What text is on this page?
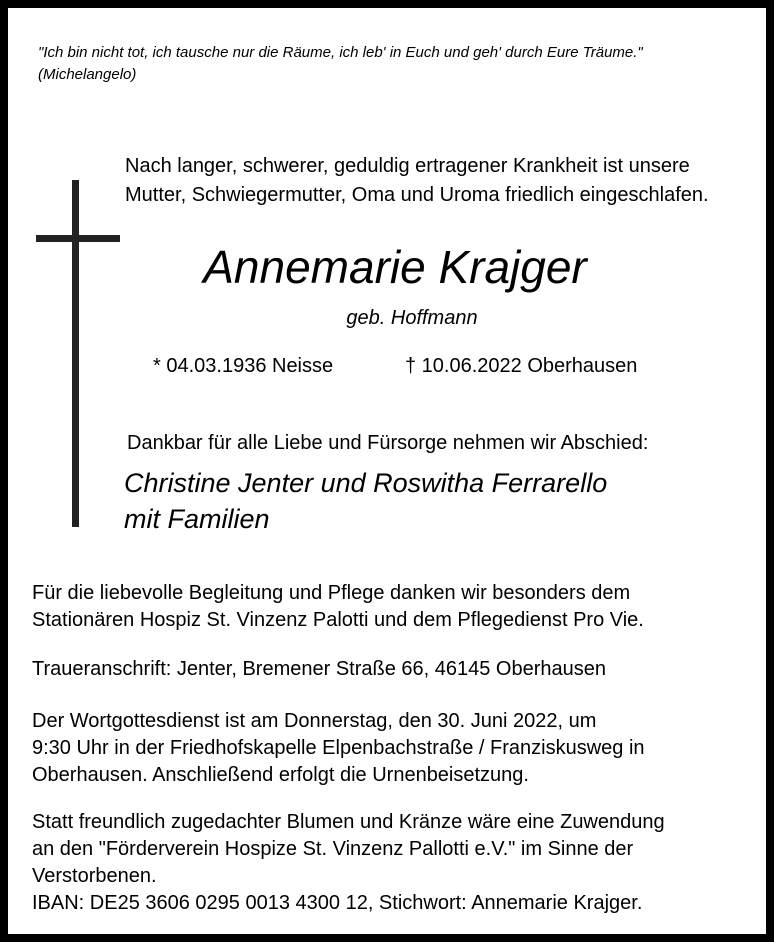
"Ich bin nicht tot, ich tausche nur die Räume, ich leb' in Euch und geh' durch Eure Träume."
(Michelangelo)
Nach langer, schwerer, geduldig ertragener Krankheit ist unsere
Mutter, Schwiegermutter, Oma und Uroma friedlich eingeschlafen.
Annemarie Krajger
geb. Hoffmann
* 04.03.1936 Neisse	† 10.06.2022 Oberhausen
Dankbar für alle Liebe und Fürsorge nehmen wir Abschied:
Christine Jenter und Roswitha Ferrarello
mit Familien
Für die liebevolle Begleitung und Pflege danken wir besonders dem
Stationären Hospiz St. Vinzenz Palotti und dem Pflegedienst Pro Vie.
Traueranschrift: Jenter, Bremener Straße 66, 46145 Oberhausen
Der Wortgottesdienst ist am Donnerstag, den 30. Juni 2022, um
9:30 Uhr in der Friedhofskapelle Elpenbachstraße / Franziskusweg in
Oberhausen. Anschließend erfolgt die Urnenbeisetzung.
Statt freundlich zugedachter Blumen und Kränze wäre eine Zuwendung
an den "Förderverein Hospize St. Vinzenz Pallotti e.V." im Sinne der
Verstorbenen.
IBAN: DE25 3606 0295 0013 4300 12, Stichwort: Annemarie Krajger.
